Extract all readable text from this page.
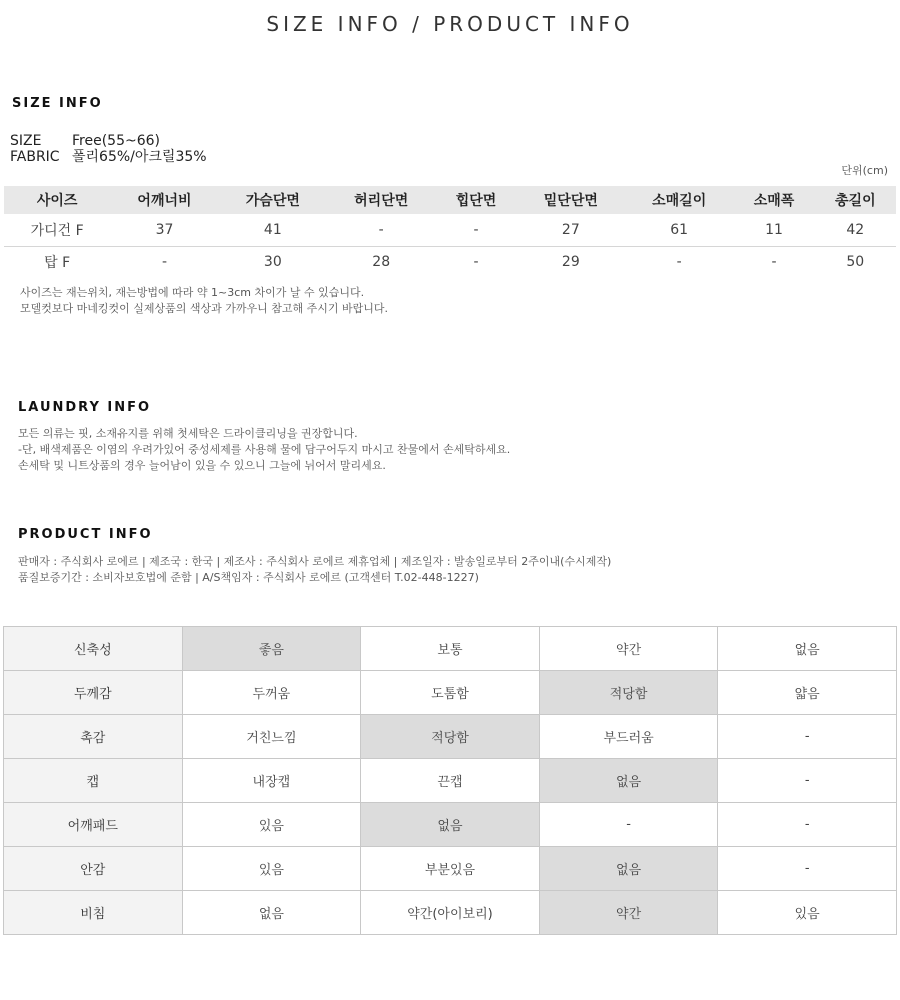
SIZE INFO / PRODUCT INFO
SIZE INFO
SIZE	Free(55~66)
FABRIC 폴리65%/아크릴35%
단위(cm)
사이즈	어깨너비	가슴단면	허리단면	힙단면	밑단단면	소매길이	소매폭	총길이
가디건 F	37	41	-	-	27	61	11	42
탑 F	-	30	28	-	29	-	-	50
사이즈는 재는위치, 재는방법에 따라 약 1~3cm 차이가 날 수 있습니다.
모델컷보다 마네킹컷이 실제상품의 색상과 가까우니 참고해 주시기 바랍니다.
LAUNDRY INFO
모든 의류는 핏, 소재유지를 위해 첫세탁은 드라이클리닝을 권장합니다.
-단, 배색제품은 이염의 우려가있어 중성세제를 사용해 물에 담구어두지 마시고 찬물에서 손세탁하세요.
손세탁 및 니트상품의 경우 늘어남이 있을 수 있으니 그늘에 뉘어서 말리세요.
PRODUCT INFO
판매자 : 주식회사 로에르 | 제조국 : 한국 | 제조사 : 주식회사 로에르 제휴업체 | 제조일자 : 발송일로부터 2주이내(수시제작)
품질보증기간 : 소비자보호법에 준함 | A/S책임자 : 주식회사 로에르 (고객센터 T.02-448-1227)
신축성	좋음	보통	약간	없음
두께감	두꺼움	도톰함	적당함	얇음
촉감	거친느낌	적당함	부드러움	-
캡	내장캡	끈캡	없음	-
어깨패드	있음	없음	-	-
안감	있음	부분있음	없음	-
비침	없음	약간(아이보리)	약간	있음
